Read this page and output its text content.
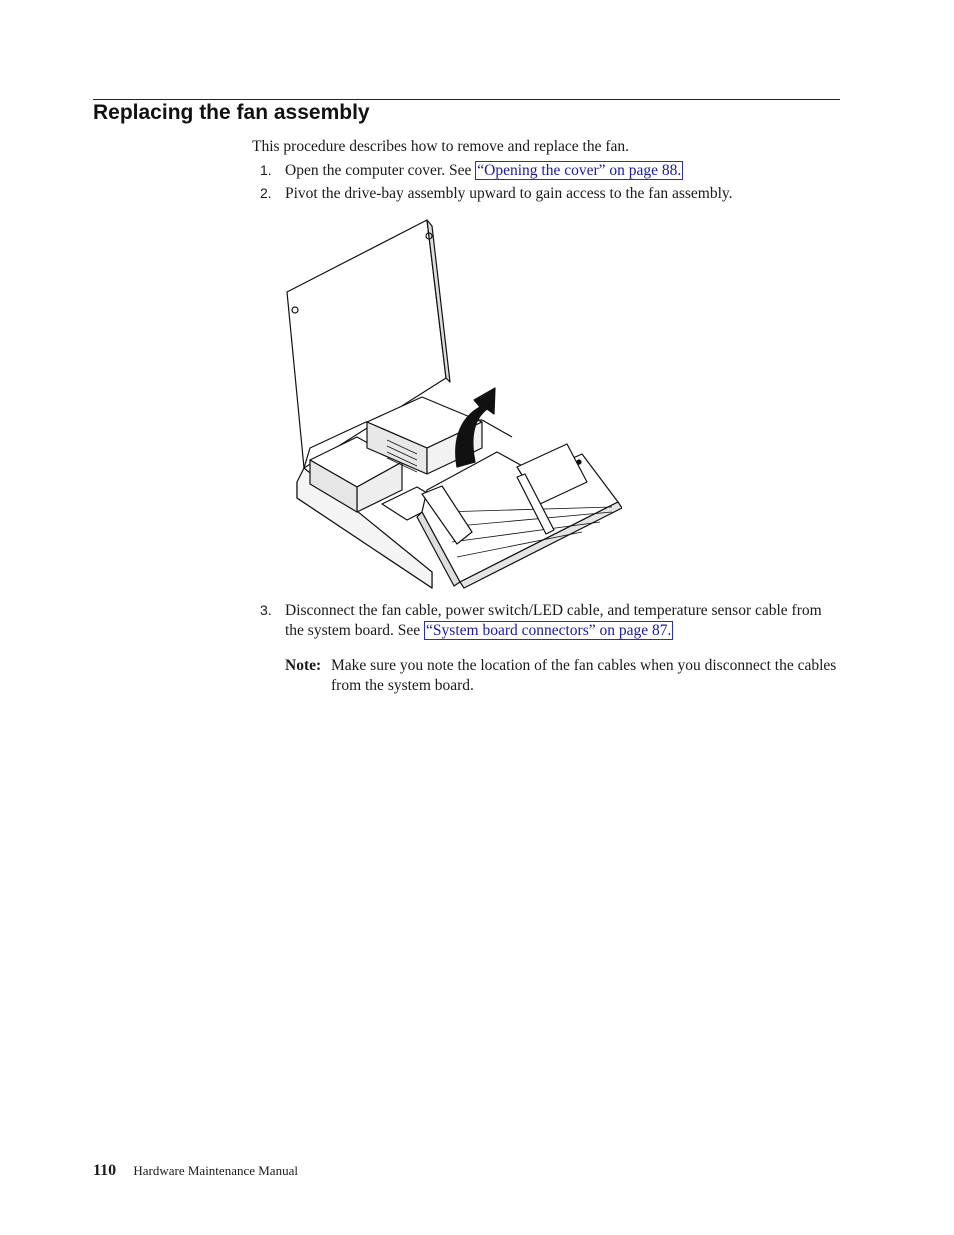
Replacing the fan assembly

This procedure describes how to remove and replace the fan.

1. Open the computer cover. See “Opening the cover” on page 88.
2. Pivot the drive-bay assembly upward to gain access to the fan assembly.
3. Disconnect the fan cable, power switch/LED cable, and temperature sensor cable from the system board. See “System board connectors” on page 87.
Note: Make sure you note the location of the fan cables when you disconnect the cables from the system board.
110 Hardware Maintenance Manual
